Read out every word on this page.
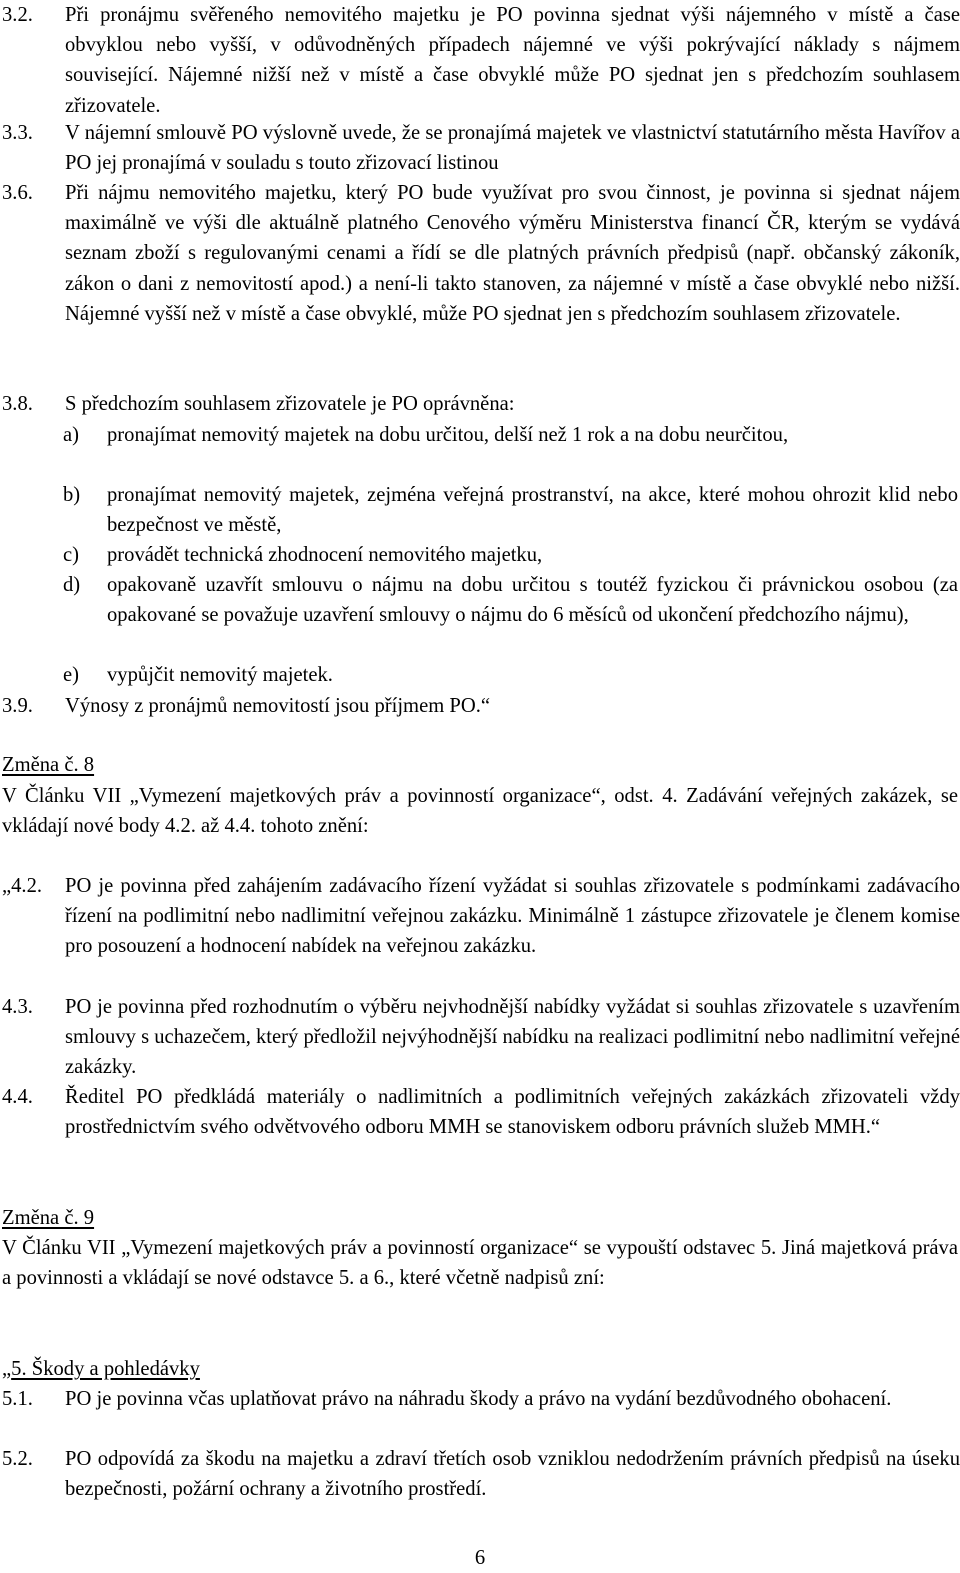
3.2.	Při pronájmu svěřeného nemovitého majetku je PO povinna sjednat výši nájemného v místě a čase obvyklou nebo vyšší, v odůvodněných případech nájemné ve výši pokrývající náklady s nájmem související. Nájemné nižší než v místě a čase obvyklé může PO sjednat jen s předchozím souhlasem zřizovatele.
3.3.	V nájemní smlouvě PO výslovně uvede, že se pronajímá majetek ve vlastnictví statutárního města Havířov a PO jej pronajímá v souladu s touto zřizovací listinou
3.6.	Při nájmu nemovitého majetku, který PO bude využívat pro svou činnost, je povinna si sjednat nájem maximálně ve výši dle aktuálně platného Cenového výměru Ministerstva financí ČR, kterým se vydává seznam zboží s regulovanými cenami a řídí se dle platných právních předpisů (např. občanský zákoník, zákon o dani z nemovitostí apod.) a není-li takto stanoven, za nájemné v místě a čase obvyklé nebo nižší. Nájemné vyšší než v místě a čase obvyklé, může PO sjednat jen s předchozím souhlasem zřizovatele.
3.8.	S předchozím souhlasem zřizovatele je PO oprávněna:
a)	pronajímat nemovitý majetek na dobu určitou, delší než 1 rok a na dobu neurčitou,
b)	pronajímat nemovitý majetek, zejména veřejná prostranství, na akce, které mohou ohrozit klid nebo bezpečnost ve městě,
c)	provádět technická zhodnocení nemovitého majetku,
d)	opakovaně uzavřít smlouvu o nájmu na dobu určitou s toutéž fyzickou či právnickou osobou (za opakované se považuje uzavření smlouvy o nájmu do 6 měsíců od ukončení předchozího nájmu),
e)	vypůjčit nemovitý majetek.
3.9.	Výnosy z pronájmů nemovitostí jsou příjmem PO.“
Změna č. 8
V Článku VII „Vymezení majetkových práv a povinností organizace“, odst. 4. Zadávání veřejných zakázek, se vkládají nové body 4.2. až 4.4. tohoto znění:
„4.2.	PO je povinna před zahájením zadávacího řízení vyžádat si souhlas zřizovatele s podmínkami zadávacího řízení na podlimitní nebo nadlimitní veřejnou zakázku. Minimálně 1 zástupce zřizovatele je členem komise pro posouzení a hodnocení nabídek na veřejnou zakázku.
4.3.	PO je povinna před rozhodnutím o výběru nejvhodnější nabídky vyžádat si souhlas zřizovatele s uzavřením smlouvy s uchazečem, který předložil nejvýhodnější nabídku na realizaci podlimitní nebo nadlimitní veřejné zakázky.
4.4.	Ředitel PO předkládá materiály o nadlimitních a podlimitních veřejných zakázkách zřizovateli vždy prostřednictvím svého odvětvového odboru MMH se stanoviskem odboru právních služeb MMH.“
Změna č. 9
V Článku VII „Vymezení majetkových práv a povinností organizace“ se vypouští odstavec 5. Jiná majetková práva a povinnosti a vkládají se nové odstavce 5. a 6., které včetně nadpisů zní:
„5. Škody a pohledávky
5.1.	PO je povinna včas uplatňovat právo na náhradu škody a právo na vydání bezdůvodného obohacení.
5.2.	PO odpovídá za škodu na majetku a zdraví třetích osob vzniklou nedodržením právních předpisů na úseku bezpečnosti, požární ochrany a životního prostředí.
6
